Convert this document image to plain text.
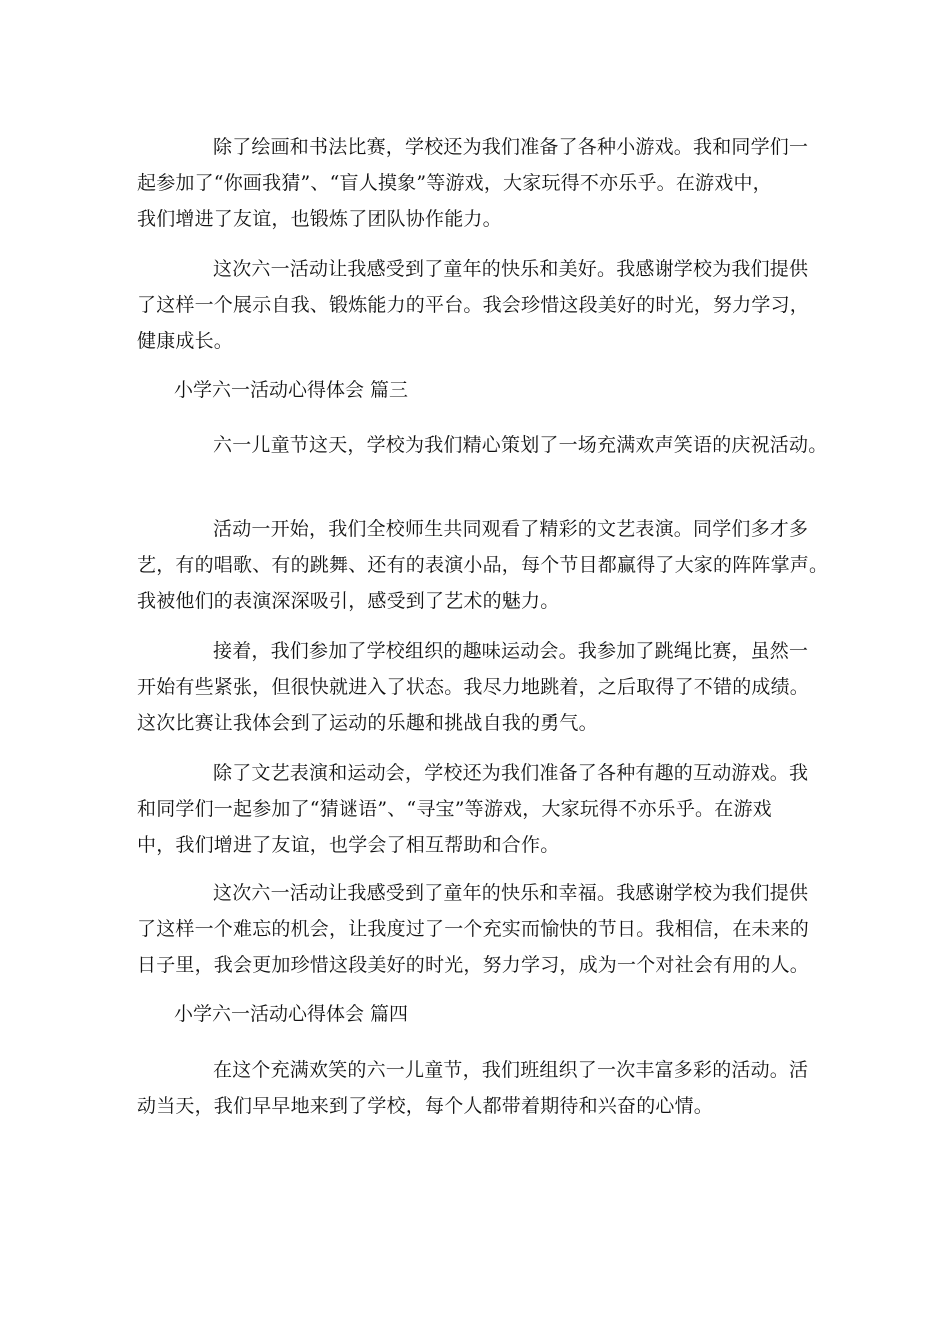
除了绘画和书法比赛，学校还为我们准备了各种小游戏。我和同学们一
起参加了“你画我猜”、“盲人摸象”等游戏，大家玩得不亦乐乎。在游戏中，
我们增进了友谊，也锻炼了团队协作能力。
这次六一活动让我感受到了童年的快乐和美好。我感谢学校为我们提供
了这样一个展示自我、锻炼能力的平台。我会珍惜这段美好的时光，努力学习，
健康成长。
小学六一活动心得体会 篇三
六一儿童节这天，学校为我们精心策划了一场充满欢声笑语的庆祝活动。
活动一开始，我们全校师生共同观看了精彩的文艺表演。同学们多才多
艺，有的唱歌、有的跳舞、还有的表演小品，每个节目都赢得了大家的阵阵掌声。
我被他们的表演深深吸引，感受到了艺术的魅力。
接着，我们参加了学校组织的趣味运动会。我参加了跳绳比赛，虽然一
开始有些紧张，但很快就进入了状态。我尽力地跳着，之后取得了不错的成绩。
这次比赛让我体会到了运动的乐趣和挑战自我的勇气。
除了文艺表演和运动会，学校还为我们准备了各种有趣的互动游戏。我
和同学们一起参加了“猜谜语”、“寻宝”等游戏，大家玩得不亦乐乎。在游戏
中，我们增进了友谊，也学会了相互帮助和合作。
这次六一活动让我感受到了童年的快乐和幸福。我感谢学校为我们提供
了这样一个难忘的机会，让我度过了一个充实而愉快的节日。我相信，在未来的
日子里，我会更加珍惜这段美好的时光，努力学习，成为一个对社会有用的人。
小学六一活动心得体会 篇四
在这个充满欢笑的六一儿童节，我们班组织了一次丰富多彩的活动。活
动当天，我们早早地来到了学校，每个人都带着期待和兴奋的心情。
